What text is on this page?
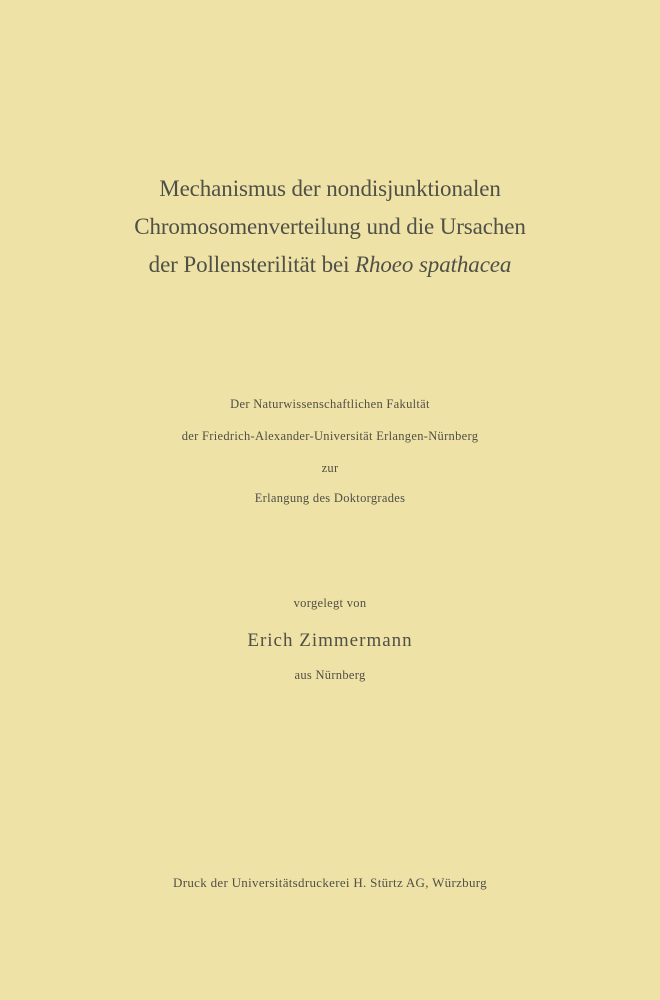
Mechanismus der nondisjunktionalen
Chromosomenverteilung und die Ursachen
der Pollensterilität bei Rhoeo spathacea
Der Naturwissenschaftlichen Fakultät
der Friedrich-Alexander-Universität Erlangen-Nürnberg
zur
Erlangung des Doktorgrades
vorgelegt von
Erich Zimmermann
aus Nürnberg
Druck der Universitätsdruckerei H. Stürtz AG, Würzburg
